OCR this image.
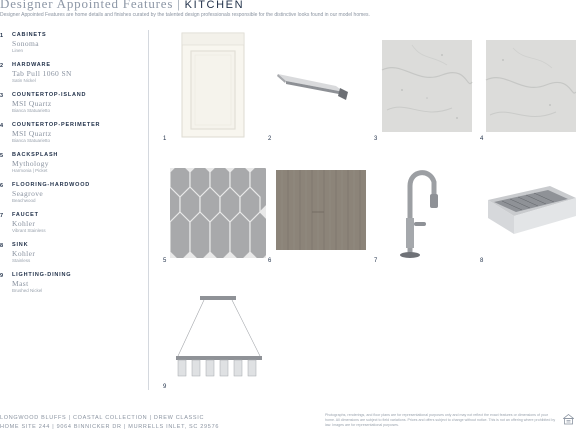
Designer Appointed Features | KITCHEN
Designer Appointed Features are home details and finishes curated by the talented design professionals responsible for the distinctive looks found in our model homes.
1 CABINETS
Sonoma
Linen
2 HARDWARE
Tab Pull 1060 SN
Satin Nickel
3 COUNTERTOP-ISLAND
MSI Quartz
Bianca Statuarietto
4 COUNTERTOP-PERIMETER
MSI Quartz
Bianca Statuarietto
5 BACKSPLASH
Mythology
Harmonia | Picket
6 FLOORING-HARDWOOD
Seagrove
Beachwood
7 FAUCET
Kohler
Vibrant Stainless
8 SINK
Kohler
Stainless
9 LIGHTING-DINING
Mast
Brushed Nickel
1	2	3	4
5	6	7	8
9
LONGWOOD BLUFFS | COASTAL COLLECTION | DREW CLASSIC
HOME SITE 244 | 9064 BINNICKER DR | MURRELLS INLET, SC 29576
Photographs, renderings, and floor plans are for representational purposes only and may not reflect the exact features or dimensions of your home. All dimensions are subject to field variations. Prices and offers subject to change without notice. This is not an offering where prohibited by law. Images are for representational purposes.
